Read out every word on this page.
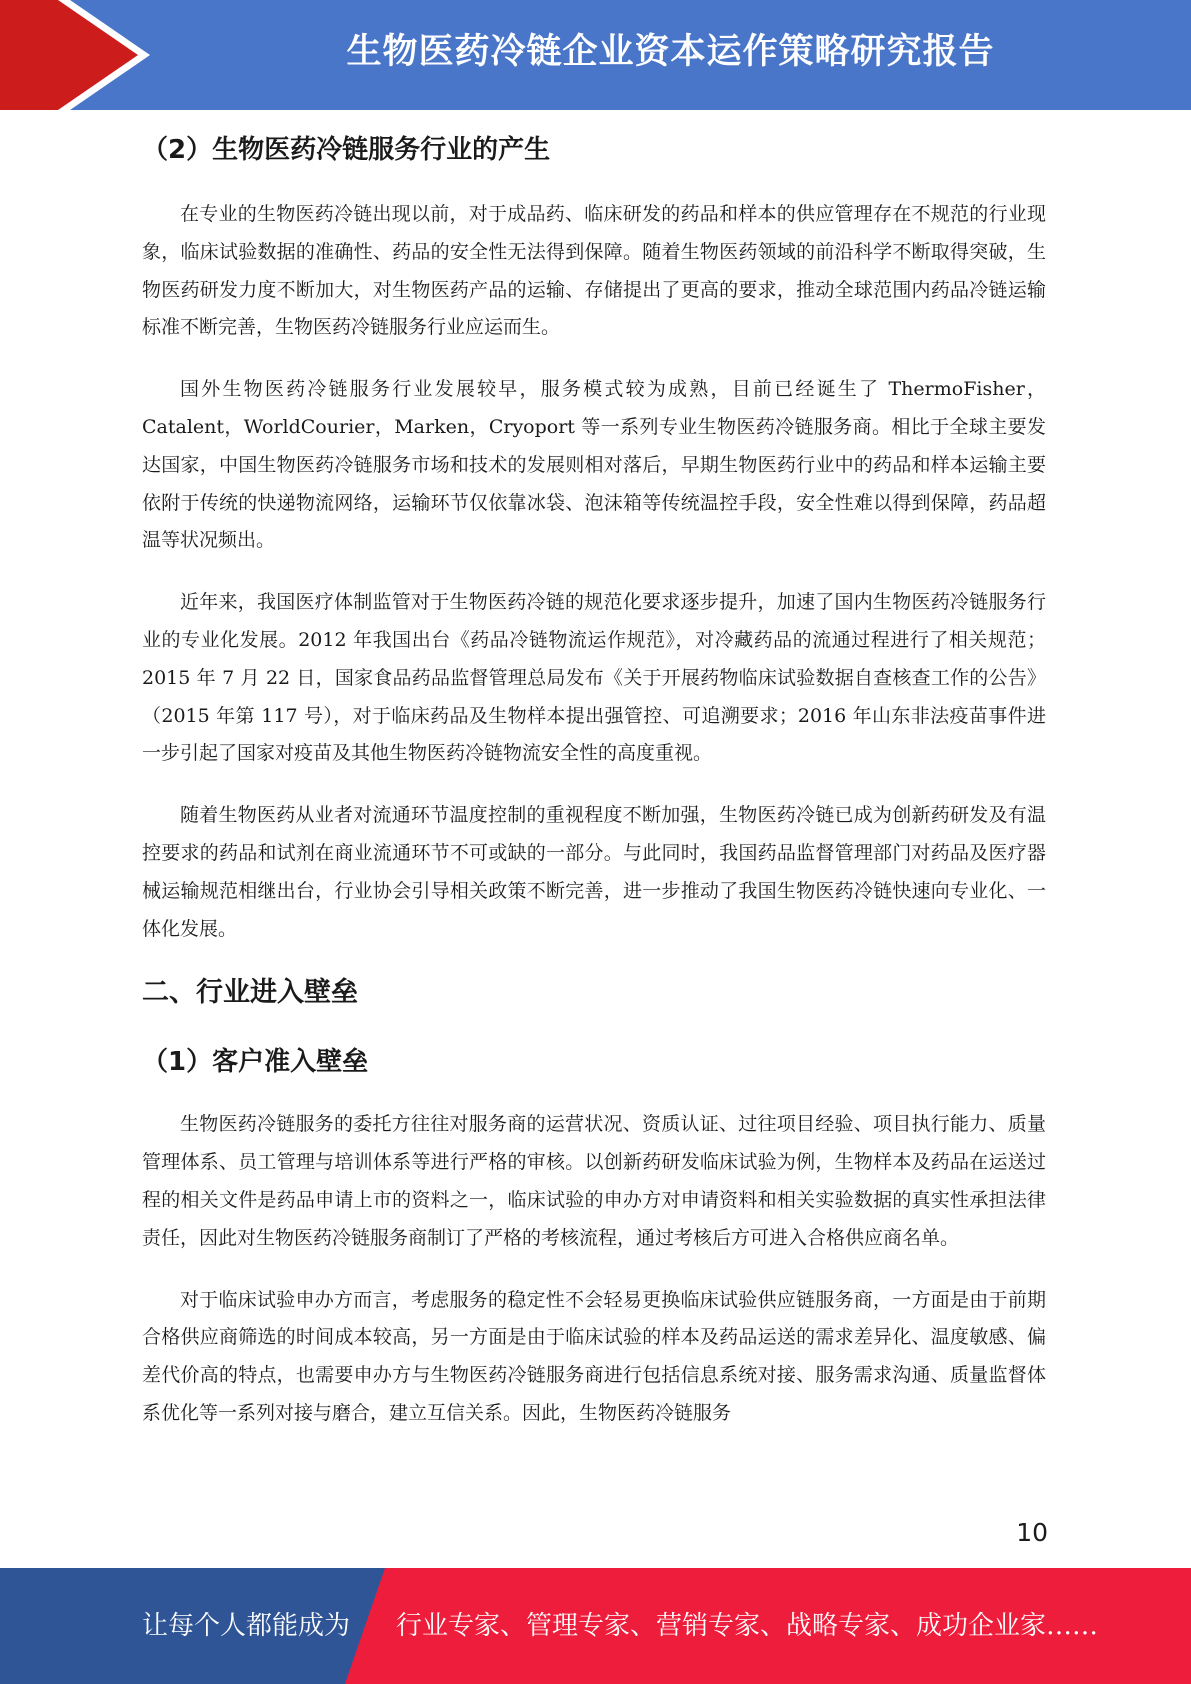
生物医药冷链企业资本运作策略研究报告
（2）生物医药冷链服务行业的产生

在专业的生物医药冷链出现以前，对于成品药、临床研发的药品和样本的供应管理存在不规范的行业现象，临床试验数据的准确性、药品的安全性无法得到保障。随着生物医药领域的前沿科学不断取得突破，生物医药研发力度不断加大，对生物医药产品的运输、存储提出了更高的要求，推动全球范围内药品冷链运输标准不断完善，生物医药冷链服务行业应运而生。

国外生物医药冷链服务行业发展较早，服务模式较为成熟，目前已经诞生了 ThermoFisher，Catalent，WorldCourier，Marken，Cryoport 等一系列专业生物医药冷链服务商。相比于全球主要发达国家，中国生物医药冷链服务市场和技术的发展则相对落后，早期生物医药行业中的药品和样本运输主要依附于传统的快递物流网络，运输环节仅依靠冰袋、泡沫箱等传统温控手段，安全性难以得到保障，药品超温等状况频出。

近年来，我国医疗体制监管对于生物医药冷链的规范化要求逐步提升，加速了国内生物医药冷链服务行业的专业化发展。2012 年我国出台《药品冷链物流运作规范》，对冷藏药品的流通过程进行了相关规范；2015 年 7 月 22 日，国家食品药品监督管理总局发布《关于开展药物临床试验数据自查核查工作的公告》（2015 年第 117 号），对于临床药品及生物样本提出强管控、可追溯要求；2016 年山东非法疫苗事件进一步引起了国家对疫苗及其他生物医药冷链物流安全性的高度重视。

随着生物医药从业者对流通环节温度控制的重视程度不断加强，生物医药冷链已成为创新药研发及有温控要求的药品和试剂在商业流通环节不可或缺的一部分。与此同时，我国药品监督管理部门对药品及医疗器械运输规范相继出台，行业协会引导相关政策不断完善，进一步推动了我国生物医药冷链快速向专业化、一体化发展。

二、行业进入壁垒
（1）客户准入壁垒

生物医药冷链服务的委托方往往对服务商的运营状况、资质认证、过往项目经验、项目执行能力、质量管理体系、员工管理与培训体系等进行严格的审核。以创新药研发临床试验为例，生物样本及药品在运送过程的相关文件是药品申请上市的资料之一，临床试验的申办方对申请资料和相关实验数据的真实性承担法律责任，因此对生物医药冷链服务商制订了严格的考核流程，通过考核后方可进入合格供应商名单。

对于临床试验申办方而言，考虑服务的稳定性不会轻易更换临床试验供应链服务商，一方面是由于前期合格供应商筛选的时间成本较高，另一方面是由于临床试验的样本及药品运送的需求差异化、温度敏感、偏差代价高的特点，也需要申办方与生物医药冷链服务商进行包括信息系统对接、服务需求沟通、质量监督体系优化等一系列对接与磨合，建立互信关系。因此，生物医药冷链服务

10
让每个人都能成为 行业专家、管理专家、营销专家、战略专家、成功企业家……
